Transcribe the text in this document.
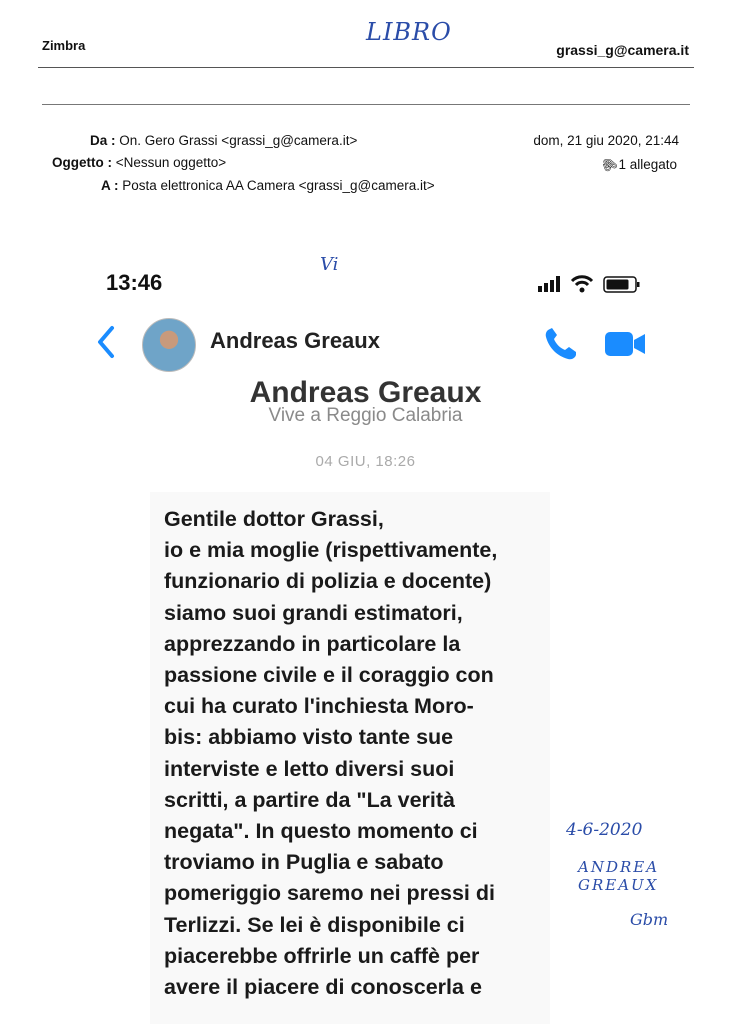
Zimbra	LIBRO
grassi_g@camera.it
Da : On. Gero Grassi <grassi_g@camera.it>
Oggetto : <Nessun oggetto>
A : Posta elettronica AA Camera <grassi_g@camera.it>
dom, 21 giu 2020, 21:44
🖇1 allegato
13:46
Vi
Andreas Greaux
Andreas Greaux
Vive a Reggio Calabria
04 GIU, 18:26
Gentile dottor Grassi,
io e mia moglie (rispettivamente,
funzionario di polizia e docente)
siamo suoi grandi estimatori,
apprezzando in particolare la
passione civile e il coraggio con
cui ha curato l'inchiesta Moro-
bis: abbiamo visto tante sue
interviste e letto diversi suoi
scritti, a partire da "La verità
negata". In questo momento ci
troviamo in Puglia e sabato
pomeriggio saremo nei pressi di
Terlizzi. Se lei è disponibile ci
piacerebbe offrirle un caffè per
avere il piacere di conoscerla e
4-6-2020
ANDREA GREAUX
Gbm
